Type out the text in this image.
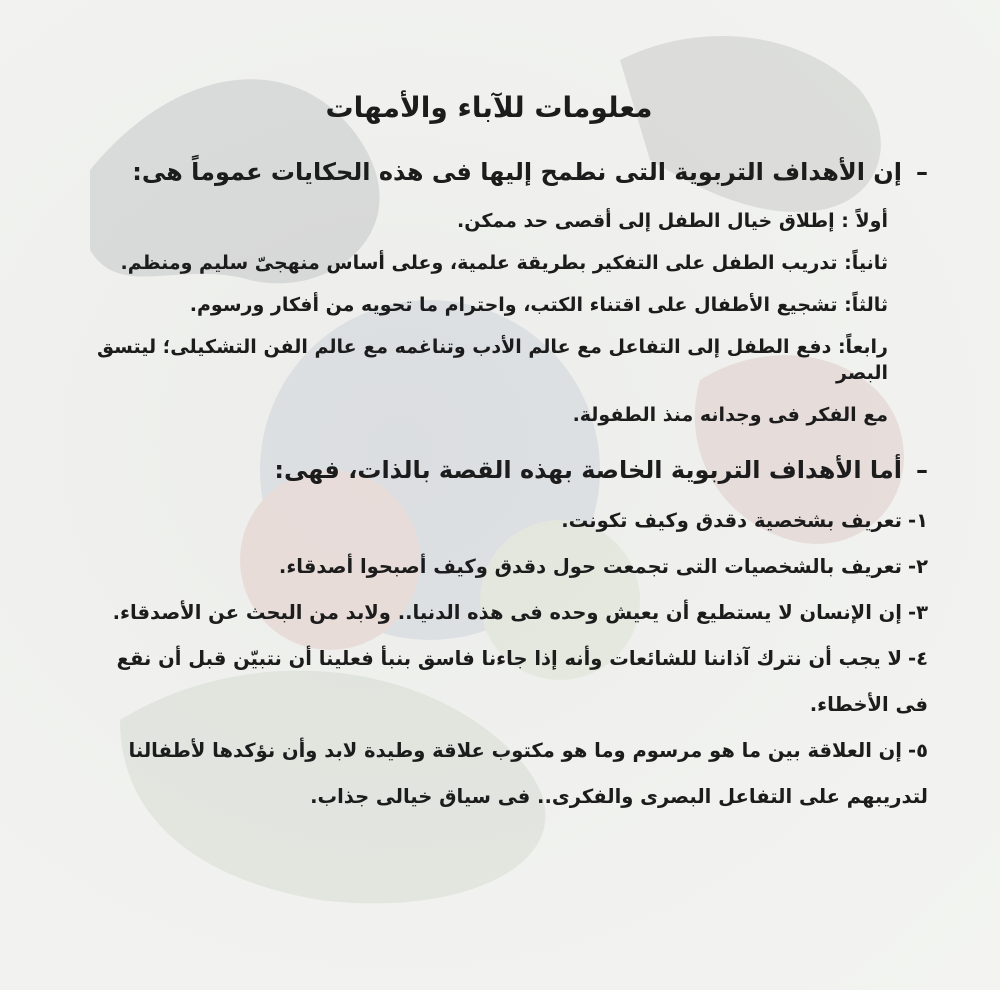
معلومات للآباء والأمهات
–إن الأهداف التربوية التى نطمح إليها فى هذه الحكايات عموماً هى:
أولاً : إطلاق خيال الطفل إلى أقصى حد ممكن.
ثانياً: تدريب الطفل على التفكير بطريقة علمية، وعلى أساس منهجىّ سليم ومنظم.
ثالثاً: تشجيع الأطفال على اقتناء الكتب، واحترام ما تحويه من أفكار ورسوم.
رابعاً: دفع الطفل إلى التفاعل مع عالم الأدب وتناغمه مع عالم الفن التشكيلى؛ ليتسق البصر
مع الفكر فى وجدانه منذ الطفولة.
–أما الأهداف التربوية الخاصة بهذه القصة بالذات، فهى:
١-تعريف بشخصية دقدق وكيف تكونت.
٢-تعريف بالشخصيات التى تجمعت حول دقدق وكيف أصبحوا أصدقاء.
٣-إن الإنسان لا يستطيع أن يعيش وحده فى هذه الدنيا.. ولابد من البحث عن الأصدقاء.
٤-لا يجب أن نترك آذاننا للشائعات وأنه إذا جاءنا فاسق بنبأ فعلينا أن نتبيّن قبل أن نقع
فى الأخطاء.
٥-إن العلاقة بين ما هو مرسوم وما هو مكتوب علاقة وطيدة لابد وأن نؤكدها لأطفالنا
لتدريبهم على التفاعل البصرى والفكرى.. فى سياق خيالى جذاب.
